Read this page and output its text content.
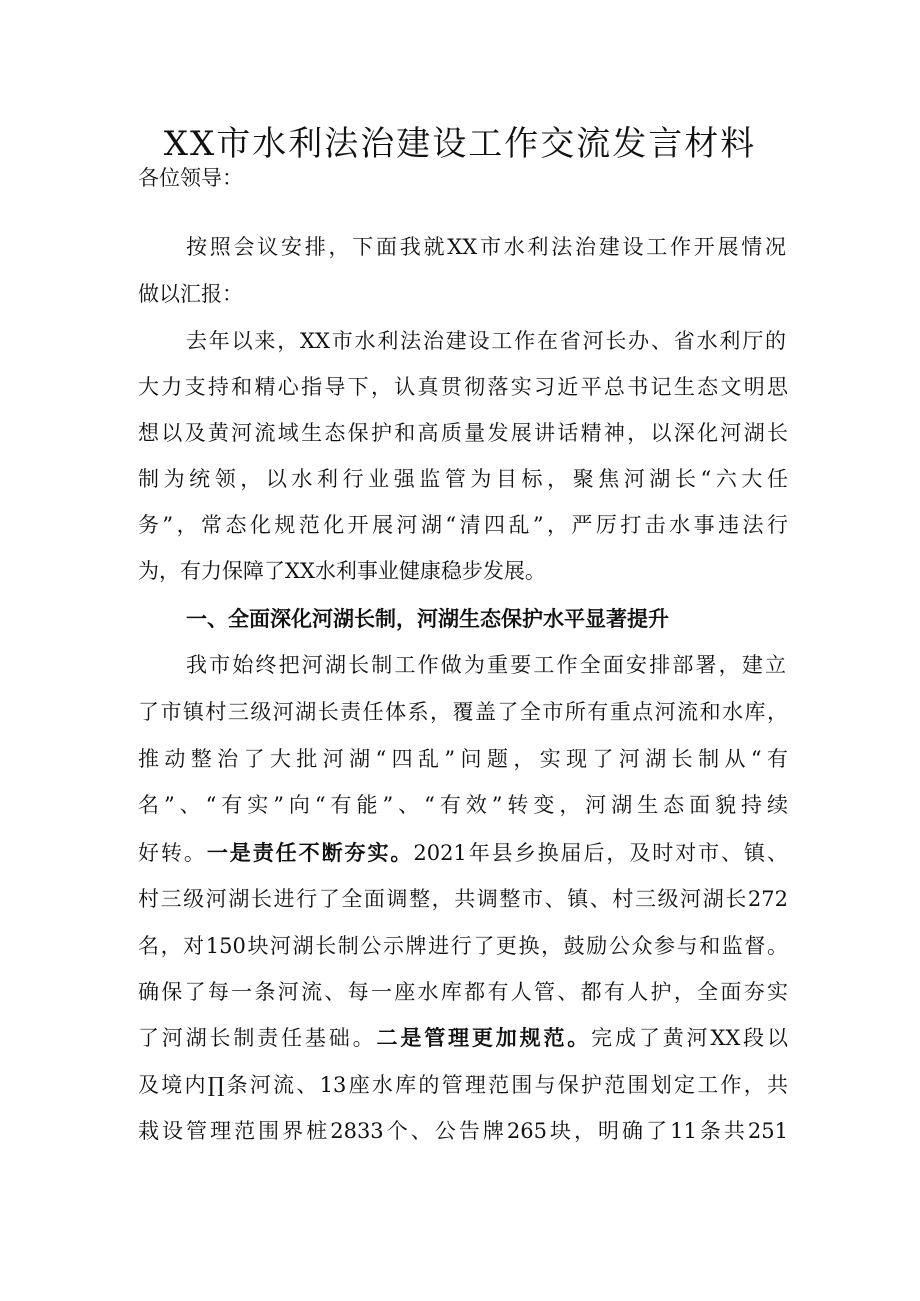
XX市水利法治建设工作交流发言材料

各位领导：

按照会议安排，下面我就XX市水利法治建设工作开展情况

做以汇报：

去年以来，XX市水利法治建设工作在省河长办、省水利厅的

大力支持和精心指导下，认真贯彻落实习近平总书记生态文明思

想以及黄河流域生态保护和高质量发展讲话精神，以深化河湖长

制为统领，以水利行业强监管为目标，聚焦河湖长“六大任

务”，常态化规范化开展河湖“清四乱”，严厉打击水事违法行

为，有力保障了XX水利事业健康稳步发展。

一、全面深化河湖长制，河湖生态保护水平显著提升

我市始终把河湖长制工作做为重要工作全面安排部署，建立

了市镇村三级河湖长责任体系，覆盖了全市所有重点河流和水库，

推动整治了大批河湖“四乱”问题，实现了河湖长制从“有

名”、“有实”向“有能”、“有效”转变，河湖生态面貌持续

好转。一是责任不断夯实。2021年县乡换届后，及时对市、镇、

村三级河湖长进行了全面调整，共调整市、镇、村三级河湖长272

名，对150块河湖长制公示牌进行了更换，鼓励公众参与和监督。

确保了每一条河流、每一座水库都有人管、都有人护，全面夯实

了河湖长制责任基础。二是管理更加规范。完成了黄河XX段以

及境内∏条河流、13座水库的管理范围与保护范围划定工作，共

栽设管理范围界桩2833个、公告牌265块，明确了11条共251
